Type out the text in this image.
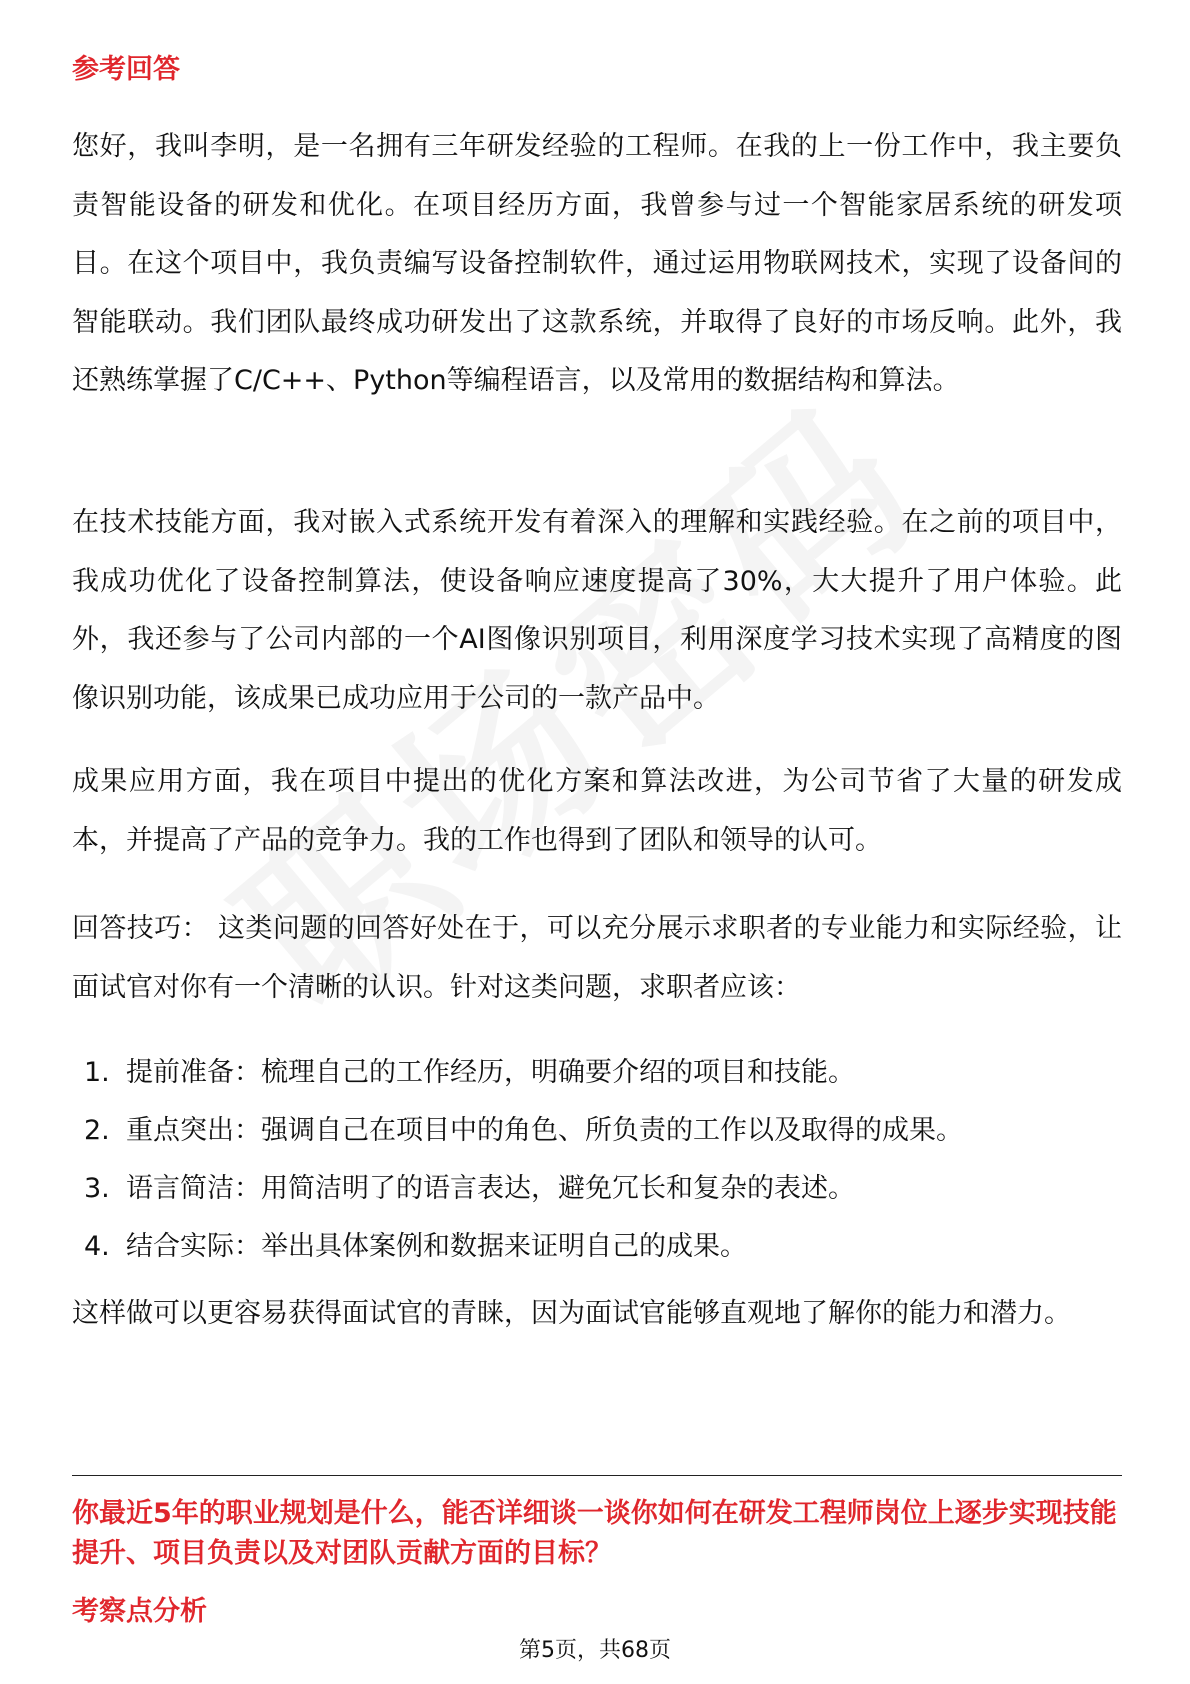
参考回答

您好，我叫李明，是一名拥有三年研发经验的工程师。在我的上一份工作中，我主要负责智能设备的研发和优化。在项目经历方面，我曾参与过一个智能家居系统的研发项目。在这个项目中，我负责编写设备控制软件，通过运用物联网技术，实现了设备间的智能联动。我们团队最终成功研发出了这款系统，并取得了良好的市场反响。此外，我还熟练掌握了C/C++、Python等编程语言，以及常用的数据结构和算法。

在技术技能方面，我对嵌入式系统开发有着深入的理解和实践经验。在之前的项目中，我成功优化了设备控制算法，使设备响应速度提高了30%，大大提升了用户体验。此外，我还参与了公司内部的一个AI图像识别项目，利用深度学习技术实现了高精度的图像识别功能，该成果已成功应用于公司的一款产品中。

成果应用方面，我在项目中提出的优化方案和算法改进，为公司节省了大量的研发成本，并提高了产品的竞争力。我的工作也得到了团队和领导的认可。

回答技巧： 这类问题的回答好处在于，可以充分展示求职者的专业能力和实际经验，让面试官对你有一个清晰的认识。针对这类问题，求职者应该：

1. 提前准备：梳理自己的工作经历，明确要介绍的项目和技能。
2. 重点突出：强调自己在项目中的角色、所负责的工作以及取得的成果。
3. 语言简洁：用简洁明了的语言表达，避免冗长和复杂的表述。
4. 结合实际：举出具体案例和数据来证明自己的成果。

这样做可以更容易获得面试官的青睐，因为面试官能够直观地了解你的能力和潜力。

你最近5年的职业规划是什么，能否详细谈一谈你如何在研发工程师岗位上逐步实现技能提升、项目负责以及对团队贡献方面的目标？

考察点分析
第5页，共68页
